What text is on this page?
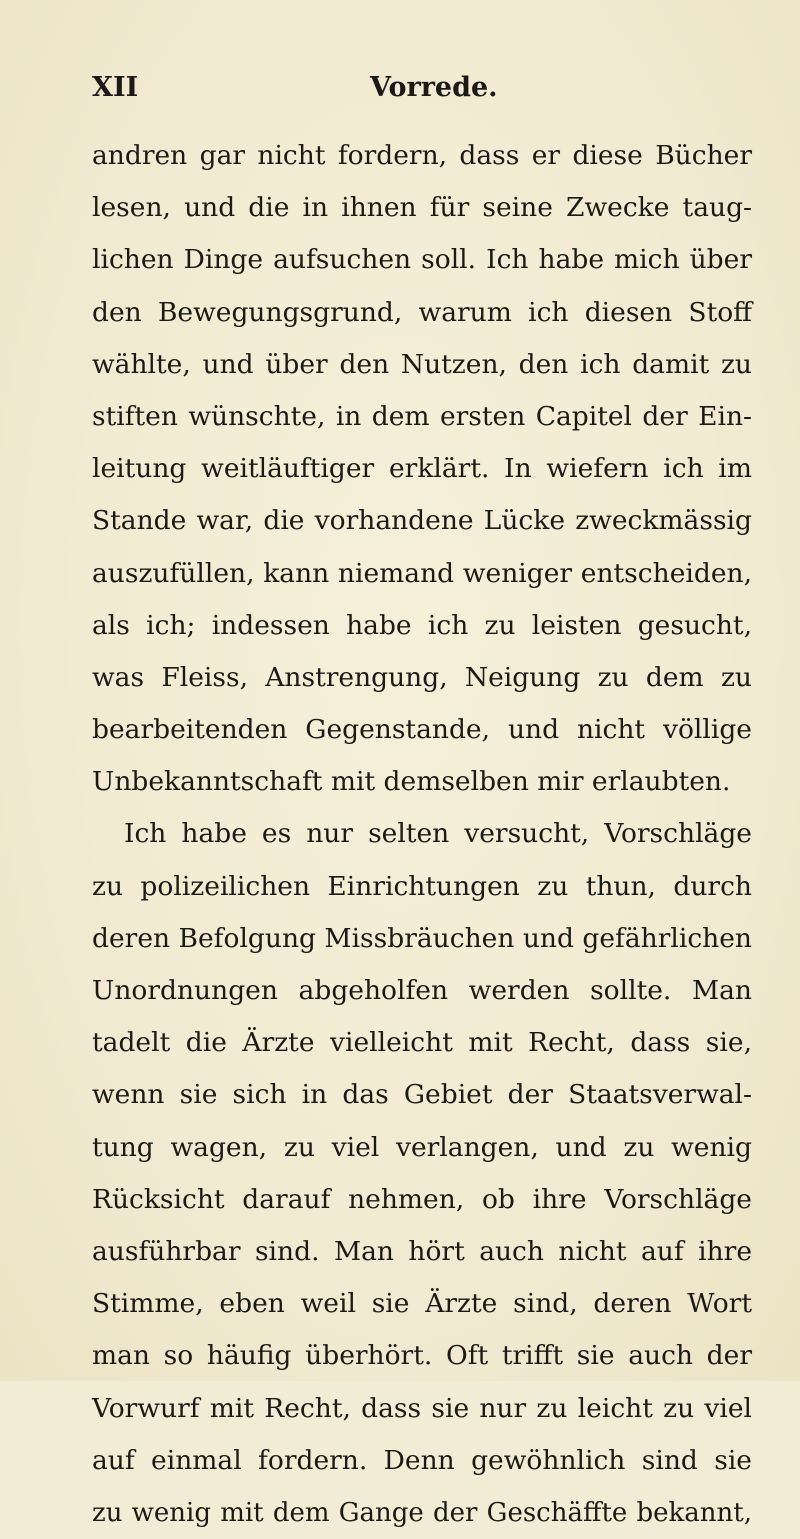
XII	Vorrede.
andren gar nicht fordern, dass er diese Bücher
lesen, und die in ihnen für seine Zwecke taug-
lichen Dinge aufsuchen soll. Ich habe mich über
den Bewegungsgrund, warum ich diesen Stoff
wählte, und über den Nutzen, den ich damit zu
stiften wünschte, in dem ersten Capitel der Ein-
leitung weitläuftiger erklärt. In wiefern ich im
Stande war, die vorhandene Lücke zweckmässig
auszufüllen, kann niemand weniger entscheiden,
als ich; indessen habe ich zu leisten gesucht,
was Fleiss, Anstrengung, Neigung zu dem zu
bearbeitenden Gegenstande, und nicht völlige
Unbekanntschaft mit demselben mir erlaubten.
Ich habe es nur selten versucht, Vorschläge
zu polizeilichen Einrichtungen zu thun, durch
deren Befolgung Missbräuchen und gefährlichen
Unordnungen abgeholfen werden sollte. Man
tadelt die Ärzte vielleicht mit Recht, dass sie,
wenn sie sich in das Gebiet der Staatsverwal-
tung wagen, zu viel verlangen, und zu wenig
Rücksicht darauf nehmen, ob ihre Vorschläge
ausführbar sind. Man hört auch nicht auf ihre
Stimme, eben weil sie Ärzte sind, deren Wort
man so häufig überhört. Oft trifft sie auch der
Vorwurf mit Recht, dass sie nur zu leicht zu viel
auf einmal fordern. Denn gewöhnlich sind sie
zu wenig mit dem Gange der Geschäffte bekannt,
